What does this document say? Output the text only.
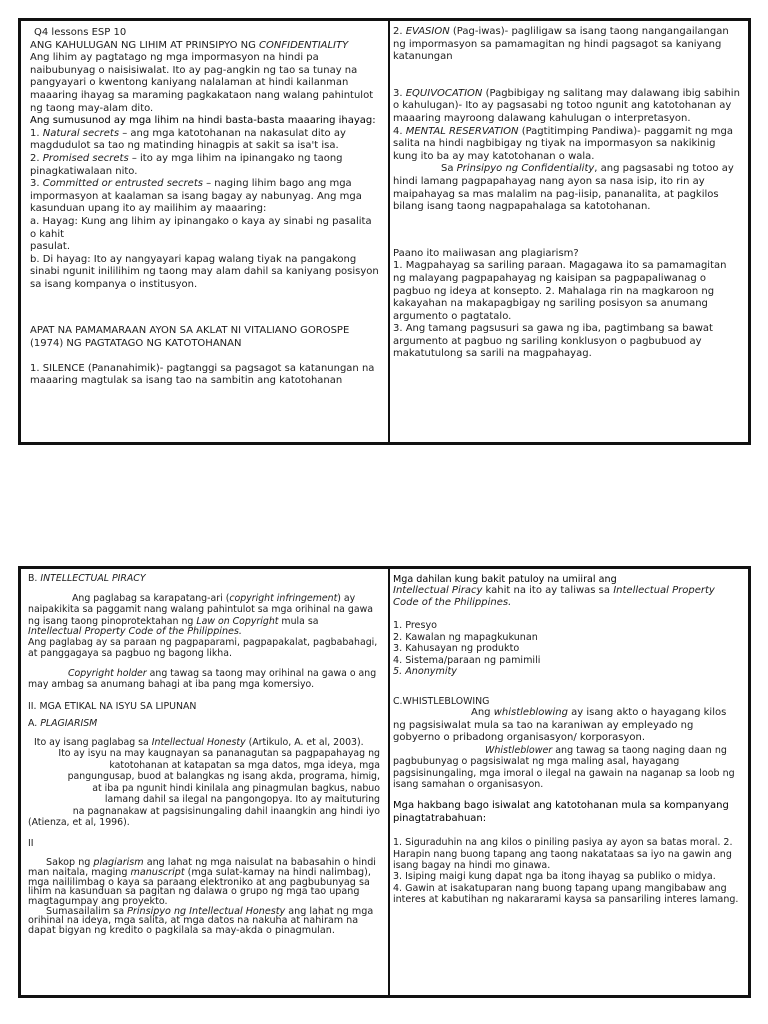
Q4 lessons ESP 10

ANG KAHULUGAN NG LIHIM AT PRINSIPYO NG CONFIDENTIALITY

Ang lihim ay pagtatago ng mga impormasyon na hindi pa naibubunyag o naisisiwalat. Ito ay pag-angkin ng tao sa tunay na pangyayari o kwentong kaniyang nalalaman at hindi kailanman maaaring ihayag sa maraming pagkakataon nang walang pahintulot ng taong may-alam dito.

Ang sumusunod ay mga lihim na hindi basta-basta maaaring ihayag:

1. Natural secrets – ang mga katotohanan na nakasulat dito ay magdudulot sa tao ng matinding hinagpis at sakit sa isa't isa.

2. Promised secrets – ito ay mga lihim na ipinangako ng taong pinagkatiwalaan nito.

3. Committed or entrusted secrets – naging lihim bago ang mga impormasyon at kaalaman sa isang bagay ay nabunyag. Ang mga kasunduan upang ito ay mailihim ay maaaring:

a. Hayag: Kung ang lihim ay ipinangako o kaya ay sinabi ng pasalita o kahit

pasulat.

b. Di hayag: Ito ay nangyayari kapag walang tiyak na pangakong sinabi ngunit inililihim ng taong may alam dahil sa kaniyang posisyon sa isang kompanya o institusyon.

APAT NA PAMAMARAAN AYON SA AKLAT NI VITALIANO GOROSPE (1974) NG PAGTATAGO NG KATOTOHANAN

1. SILENCE (Pananahimik)- pagtanggi sa pagsagot sa katanungan na maaaring magtulak sa isang tao na sambitin ang katotohanan

2. EVASION (Pag-iwas)- pagliligaw sa isang taong nangangailangan ng impormasyon sa pamamagitan ng hindi pagsagot sa kaniyang katanungan

3. EQUIVOCATION (Pagbibigay ng salitang may dalawang ibig sabihin o kahulugan)- Ito ay pagsasabi ng totoo ngunit ang katotohanan ay maaaring mayroong dalawang kahulugan o interpretasyon.

4. MENTAL RESERVATION (Pagtitimping Pandiwa)- paggamit ng mga

salita na hindi nagbibigay ng tiyak na impormasyon sa nakikinig kung ito ba ay may katotohanan o wala.

Sa Prinsipyo ng Confidentiality, ang pagsasabi ng totoo ay hindi lamang pagpapahayag nang ayon sa nasa isip, ito rin ay maipahayag sa mas malalim na pag-iisip, pananalita, at pagkilos bilang isang taong nagpapahalaga sa katotohanan.

Paano ito maiiwasan ang plagiarism?

1. Magpahayag sa sariling paraan. Magagawa ito sa pamamagitan ng malayang pagpapahayag ng kaisipan sa pagpapaliwanag o pagbuo ng ideya at konsepto. 2. Mahalaga rin na magkaroon ng kakayahan na makapagbigay ng sariling posisyon sa anumang argumento o pagtatalo.

3. Ang tamang pagsusuri sa gawa ng iba, pagtimbang sa bawat argumento at pagbuo ng sariling konklusyon o pagbubuod ay makatutulong sa sarili na magpahayag.

B. INTELLECTUAL PIRACY

Ang paglabag sa karapatang-ari (copyright infringement) ay naipakikita sa paggamit nang walang pahintulot sa mga orihinal na gawa ng isang taong pinoprotektahan ng Law on Copyright mula sa

Intellectual Property Code of the Philippines.

Ang paglabag ay sa paraan ng pagpaparami, pagpapakalat, pagbabahagi, at panggagaya sa pagbuo ng bagong likha.

Copyright holder ang tawag sa taong may orihinal na gawa o ang may ambag sa anumang bahagi at iba pang mga komersiyo.

II. MGA ETIKAL NA ISYU SA LIPUNAN

A. PLAGIARISM

Ito ay isang paglabag sa Intellectual Honesty (Artikulo, A. et al, 2003).

Ito ay isyu na may kaugnayan sa pananagutan sa pagpapahayag ng

katotohanan at katapatan sa mga datos, mga ideya, mga

pangungusap, buod at balangkas ng isang akda, programa, himig,

at iba pa ngunit hindi kinilala ang pinagmulan bagkus, nabuo

lamang dahil sa ilegal na pangongopya. Ito ay maituturing

na pagnanakaw at pagsisinungaling dahil inaangkin ang hindi iyo

(Atienza, et al, 1996).

II

Sakop ng plagiarism ang lahat ng mga naisulat na babasahin o hindi man naitala, maging manuscript (mga sulat-kamay na hindi nalimbag), mga naililimbag o kaya sa paraang elektroniko at ang pagbubunyag sa lihim na kasunduan sa pagitan ng dalawa o grupo ng mga tao upang magtagumpay ang proyekto.

Sumasailalim sa Prinsipyo ng Intellectual Honesty ang lahat ng mga orihinal na ideya, mga salita, at mga datos na nakuha at nahiram na dapat bigyan ng kredito o pagkilala sa may-akda o pinagmulan.

Mga dahilan kung bakit patuloy na umiiral ang

Intellectual Piracy kahit na ito ay taliwas sa Intellectual Property Code of the Philippines.

1. Presyo

2. Kawalan ng mapagkukunan

3. Kahusayan ng produkto

4. Sistema/paraan ng pamimili

5. Anonymity

C.WHISTLEBLOWING

Ang whistleblowing ay isang akto o hayagang kilos ng pagsisiwalat mula sa tao na karaniwan ay empleyado ng gobyerno o pribadong organisasyon/ korporasyon.

Whistleblower ang tawag sa taong naging daan ng pagbubunyag o pagsisiwalat ng mga maling asal, hayagang pagsisinungaling, mga imoral o ilegal na gawain na naganap sa loob ng isang samahan o organisasyon.

Mga hakbang bago isiwalat ang katotohanan mula sa kompanyang pinagtatrabahuan:

1. Siguraduhin na ang kilos o piniling pasiya ay ayon sa batas moral. 2. Harapin nang buong tapang ang taong nakatataas sa iyo na gawin ang isang bagay na hindi mo ginawa.

3. Isiping maigi kung dapat nga ba itong ihayag sa publiko o midya.

4. Gawin at isakatuparan nang buong tapang upang mangibabaw ang interes at kabutihan ng nakararami kaysa sa pansariling interes lamang.
